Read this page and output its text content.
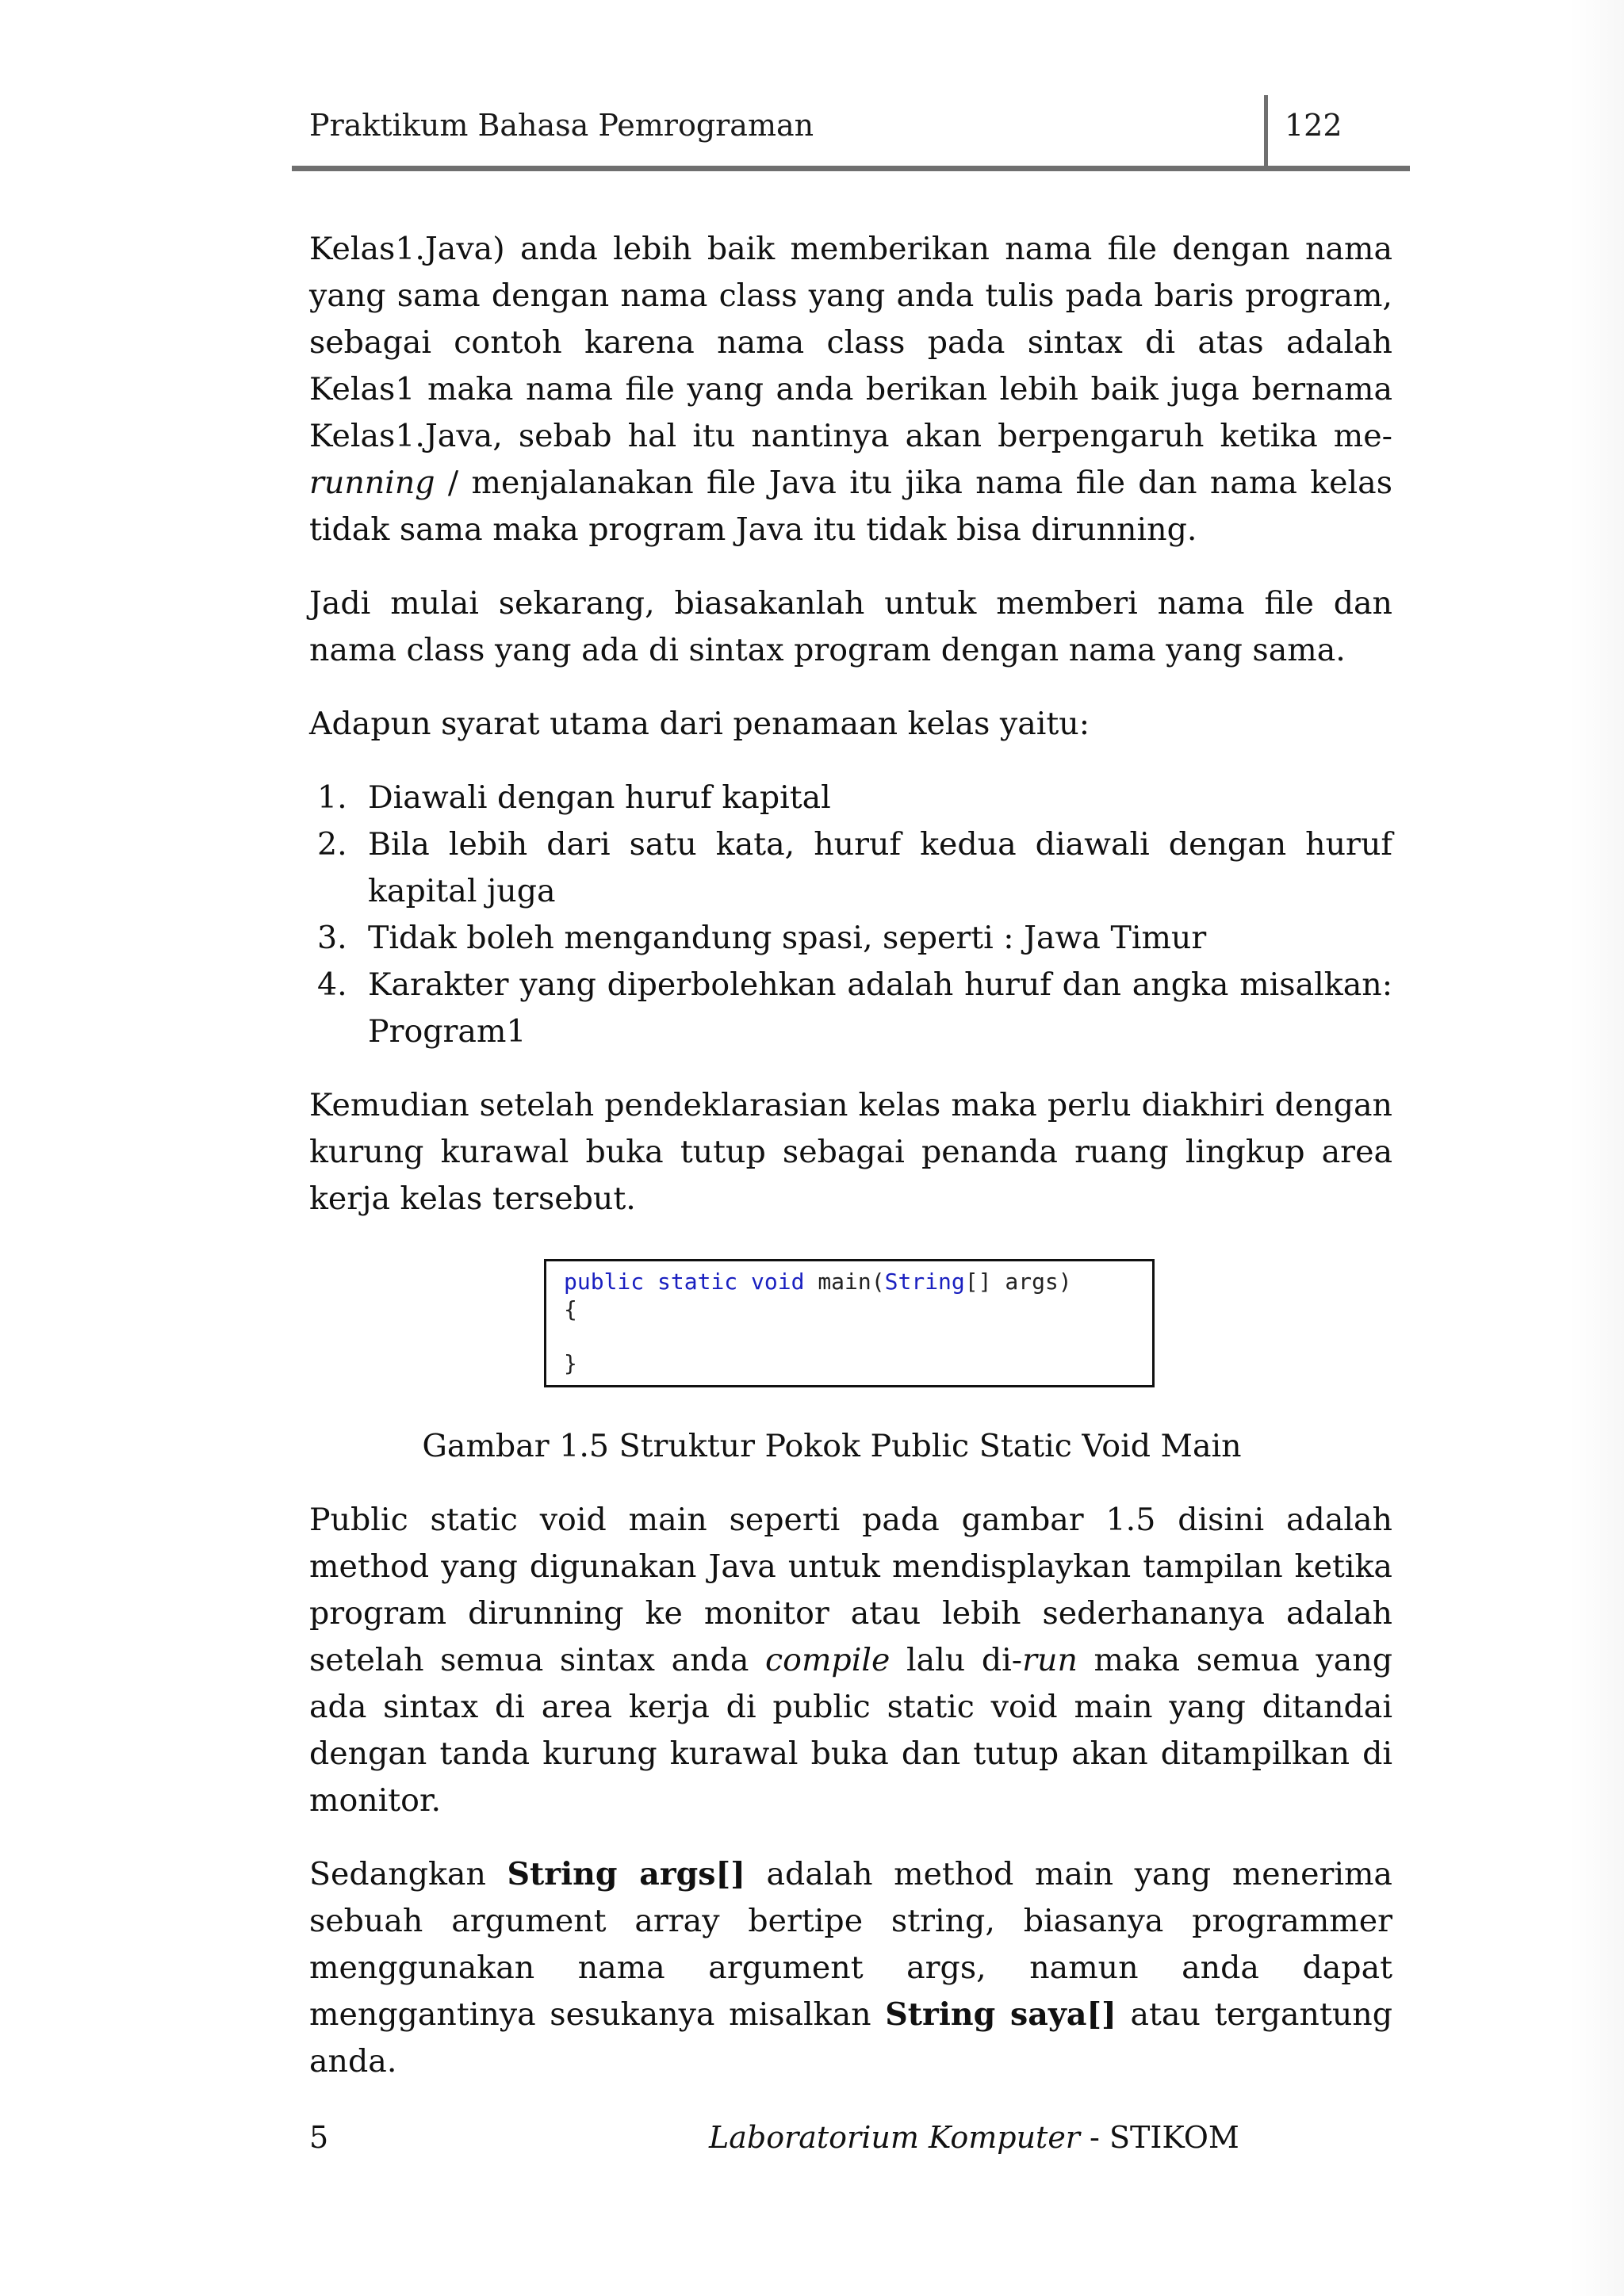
Praktikum Bahasa Pemrograman	122

Kelas1.Java) anda lebih baik memberikan nama file dengan nama yang sama dengan nama class yang anda tulis pada baris program, sebagai contoh karena nama class pada sintax di atas adalah Kelas1 maka nama file yang anda berikan lebih baik juga bernama Kelas1.Java, sebab hal itu nantinya akan berpengaruh ketika me-running / menjalanakan file Java itu jika nama file dan nama kelas tidak sama maka program Java itu tidak bisa dirunning.

Jadi mulai sekarang, biasakanlah untuk memberi nama file dan nama class yang ada di sintax program dengan nama yang sama.

Adapun syarat utama dari penamaan kelas yaitu:

1. Diawali dengan huruf kapital
2. Bila lebih dari satu kata, huruf kedua diawali dengan huruf kapital juga
3. Tidak boleh mengandung spasi, seperti : Jawa Timur
4. Karakter yang diperbolehkan adalah huruf dan angka misalkan: Program1

Kemudian setelah pendeklarasian kelas maka perlu diakhiri dengan kurung kurawal buka tutup sebagai penanda ruang lingkup area kerja kelas tersebut.

public static void main(String[] args)
{
}
Gambar 1.5 Struktur Pokok Public Static Void Main

Public static void main seperti pada gambar 1.5 disini adalah method yang digunakan Java untuk mendisplaykan tampilan ketika program dirunning ke monitor atau lebih sederhananya adalah setelah semua sintax anda compile lalu di-run maka semua yang ada sintax di area kerja di public static void main yang ditandai dengan tanda kurung kurawal buka dan tutup akan ditampilkan di monitor.

Sedangkan String args[] adalah method main yang menerima sebuah argument array bertipe string, biasanya programmer menggunakan nama argument args, namun anda dapat menggantinya sesukanya misalkan String saya[] atau tergantung anda.

5	Laboratorium Komputer - STIKOM
